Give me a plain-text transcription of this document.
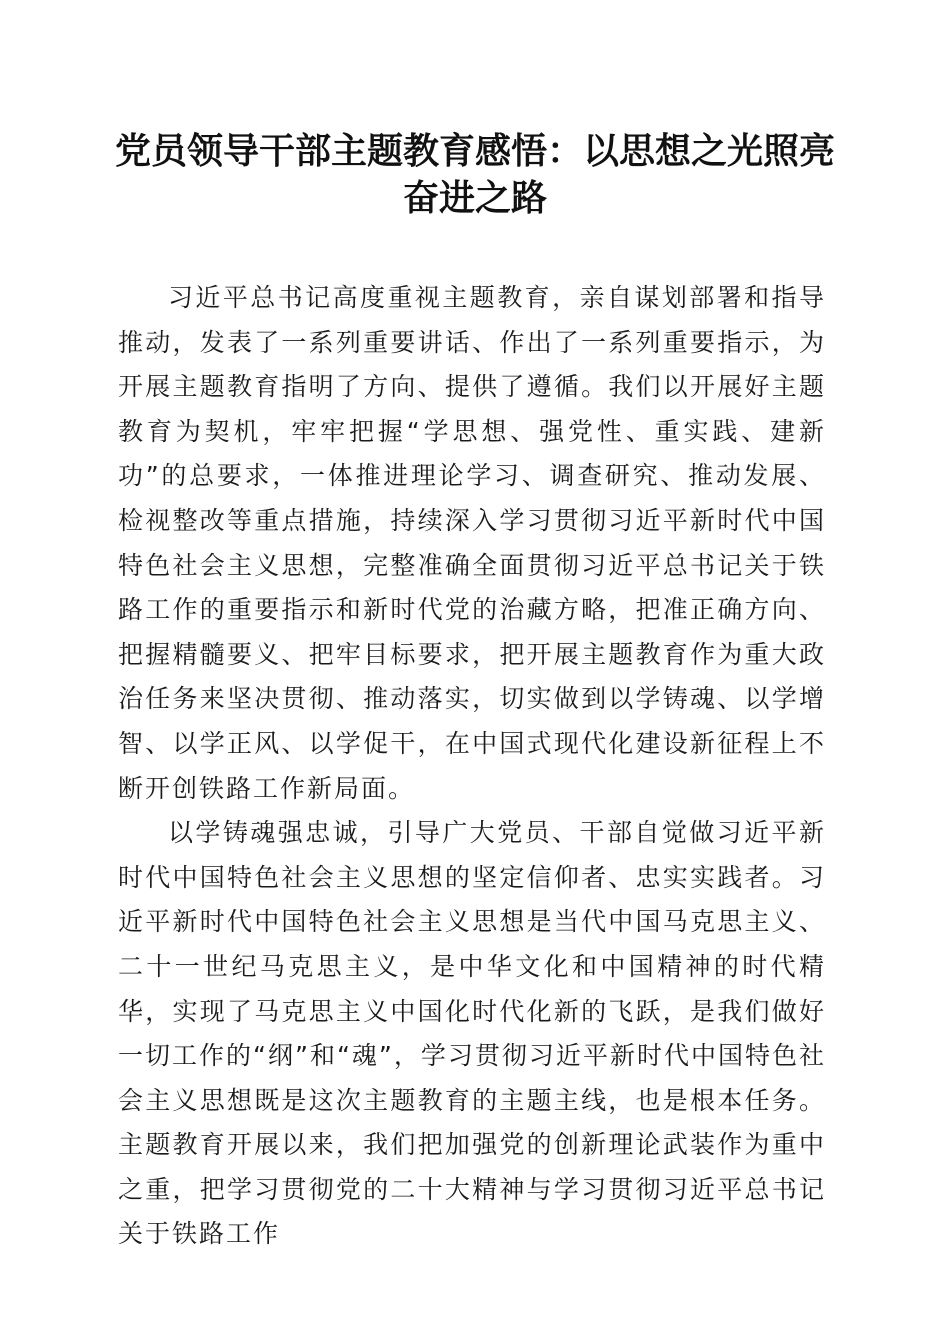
党员领导干部主题教育感悟：以思想之光照亮
奋进之路

习近平总书记高度重视主题教育，亲自谋划部署和指导推动，发表了一系列重要讲话、作出了一系列重要指示，为开展主题教育指明了方向、提供了遵循。我们以开展好主题教育为契机，牢牢把握“学思想、强党性、重实践、建新功”的总要求，一体推进理论学习、调查研究、推动发展、检视整改等重点措施，持续深入学习贯彻习近平新时代中国特色社会主义思想，完整准确全面贯彻习近平总书记关于铁路工作的重要指示和新时代党的治藏方略，把准正确方向、把握精髓要义、把牢目标要求，把开展主题教育作为重大政治任务来坚决贯彻、推动落实，切实做到以学铸魂、以学增智、以学正风、以学促干，在中国式现代化建设新征程上不断开创铁路工作新局面。

以学铸魂强忠诚，引导广大党员、干部自觉做习近平新时代中国特色社会主义思想的坚定信仰者、忠实实践者。习近平新时代中国特色社会主义思想是当代中国马克思主义、二十一世纪马克思主义，是中华文化和中国精神的时代精华，实现了马克思主义中国化时代化新的飞跃，是我们做好一切工作的“纲”和“魂”，学习贯彻习近平新时代中国特色社会主义思想既是这次主题教育的主题主线，也是根本任务。主题教育开展以来，我们把加强党的创新理论武装作为重中之重，把学习贯彻党的二十大精神与学习贯彻习近平总书记关于铁路工作
